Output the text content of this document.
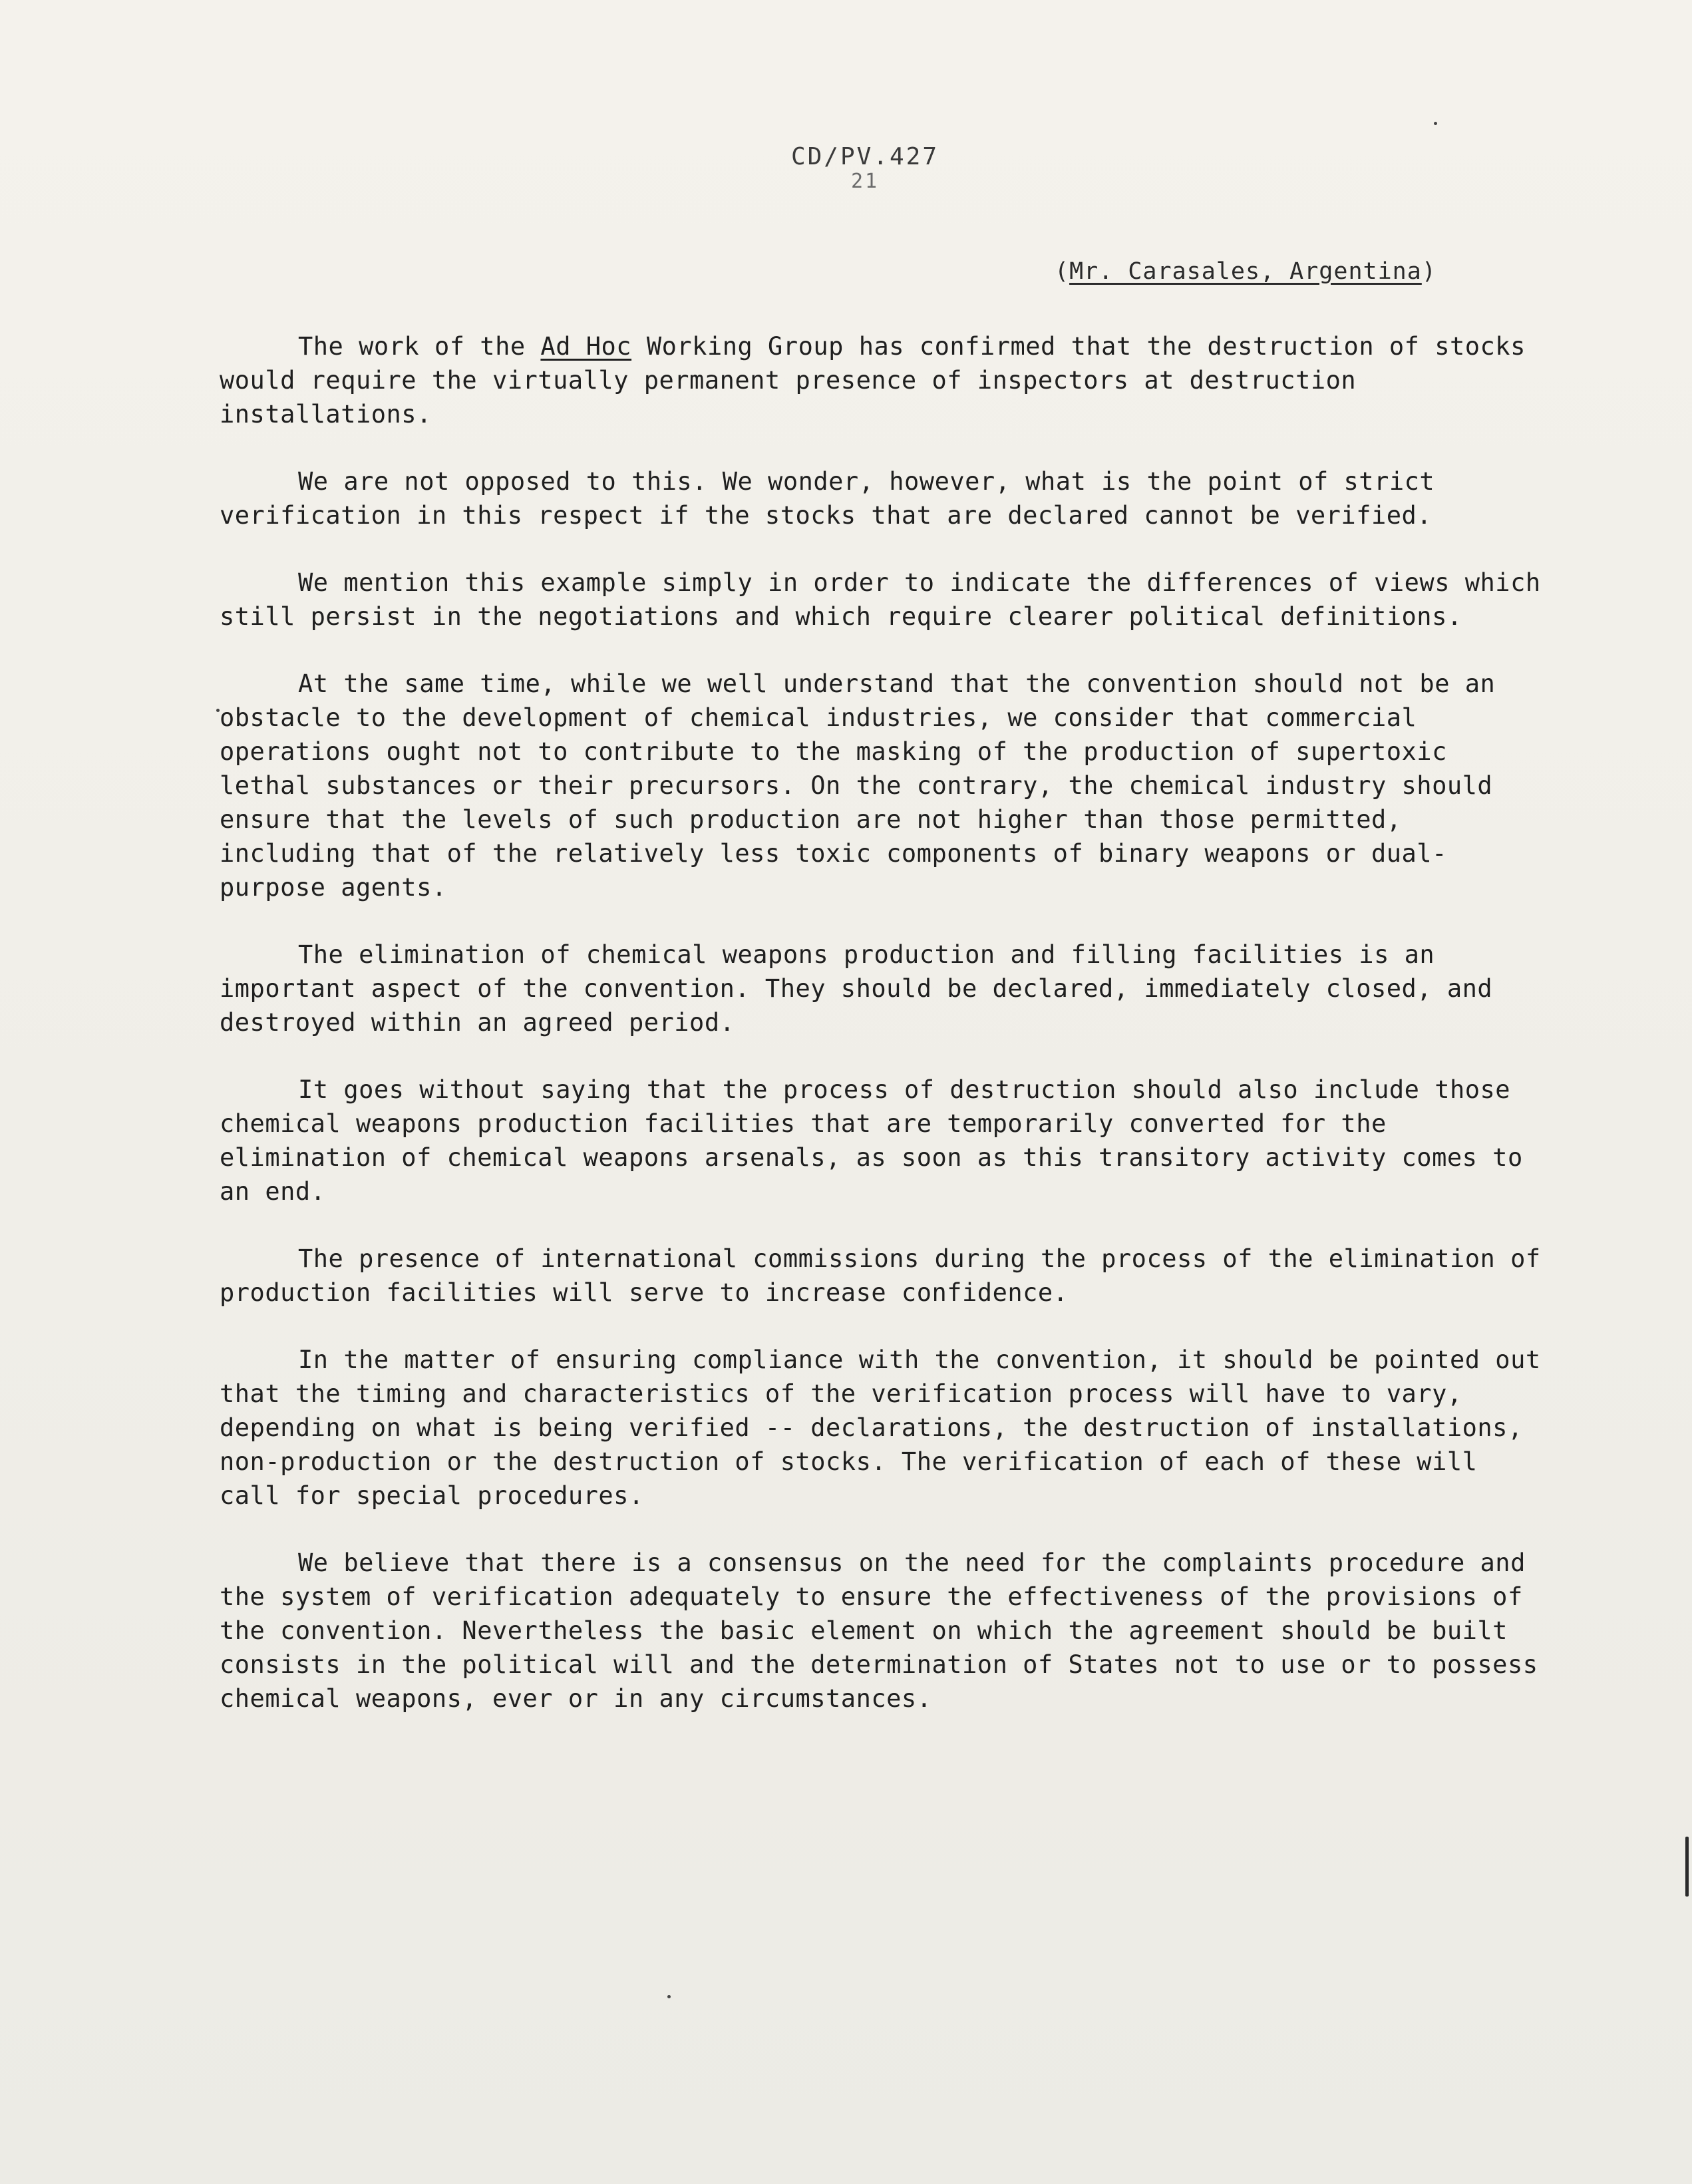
CD/PV.427
21
(Mr. Carasales, Argentina)

The work of the Ad Hoc Working Group has confirmed that the destruction of stocks would require the virtually permanent presence of inspectors at destruction installations.

We are not opposed to this. We wonder, however, what is the point of strict verification in this respect if the stocks that are declared cannot be verified.

We mention this example simply in order to indicate the differences of views which still persist in the negotiations and which require clearer political definitions.

At the same time, while we well understand that the convention should not be an obstacle to the development of chemical industries, we consider that commercial operations ought not to contribute to the masking of the production of supertoxic lethal substances or their precursors. On the contrary, the chemical industry should ensure that the levels of such production are not higher than those permitted, including that of the relatively less toxic components of binary weapons or dual-purpose agents.

The elimination of chemical weapons production and filling facilities is an important aspect of the convention. They should be declared, immediately closed, and destroyed within an agreed period.

It goes without saying that the process of destruction should also include those chemical weapons production facilities that are temporarily converted for the elimination of chemical weapons arsenals, as soon as this transitory activity comes to an end.

The presence of international commissions during the process of the elimination of production facilities will serve to increase confidence.

In the matter of ensuring compliance with the convention, it should be pointed out that the timing and characteristics of the verification process will have to vary, depending on what is being verified -- declarations, the destruction of installations, non-production or the destruction of stocks. The verification of each of these will call for special procedures.

We believe that there is a consensus on the need for the complaints procedure and the system of verification adequately to ensure the effectiveness of the provisions of the convention. Nevertheless the basic element on which the agreement should be built consists in the political will and the determination of States not to use or to possess chemical weapons, ever or in any circumstances.
